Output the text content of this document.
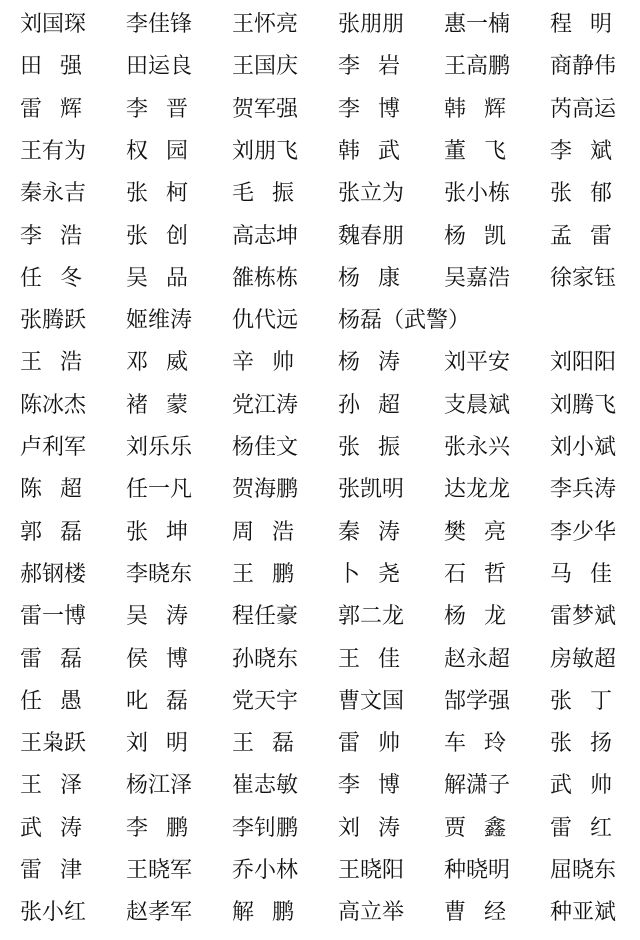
刘国琛 李佳锋 王怀亮 张朋朋 惠一楠 程明
田强 田运良 王国庆 李岩 王高鹏 商静伟
雷辉 李晋 贺军强 李博 韩辉 芮高运
王有为 权园 刘朋飞 韩武 董飞 李斌
秦永吉 张柯 毛振 张立为 张小栋 张郁
李浩 张创 高志坤 魏春朋 杨凯 孟雷
任冬 吴品 雒栋栋 杨康 吴嘉浩 徐家钰
张腾跃 姬维涛 仇代远 杨磊（武警）
王浩 邓威 辛帅 杨涛 刘平安 刘阳阳
陈冰杰 褚蒙 党江涛 孙超 支晨斌 刘腾飞
卢利军 刘乐乐 杨佳文 张振 张永兴 刘小斌
陈超 任一凡 贺海鹏 张凯明 达龙龙 李兵涛
郭磊 张坤 周浩 秦涛 樊亮 李少华
郝钢楼 李晓东 王鹏 卜尧 石哲 马佳
雷一博 吴涛 程任豪 郭二龙 杨龙 雷梦斌
雷磊 侯博 孙晓东 王佳 赵永超 房敏超
任愚 叱磊 党天宇 曹文国 郜学强 张丁
王枭跃 刘明 王磊 雷帅 车玲 张扬
王泽 杨江泽 崔志敏 李博 解潇子 武帅
武涛 李鹏 李钊鹏 刘涛 贾鑫 雷红
雷津 王晓军 乔小林 王晓阳 种晓明 屈晓东
张小红 赵孝军 解鹏 高立举 曹经 种亚斌
